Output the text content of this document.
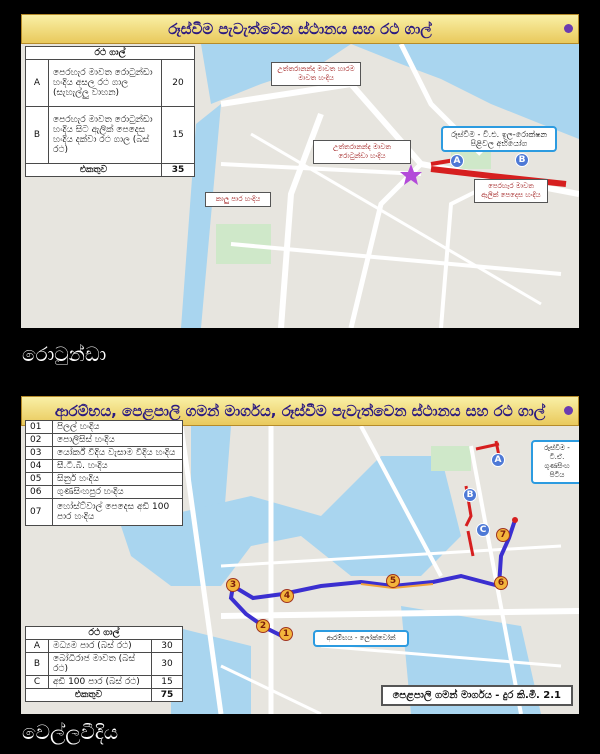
රූස්වීම පැවැත්වෙන ස්ථානය සහ රථ ගාල්
රථ ගාල්		
A	පෙරහැර මාවත රොටුන්ඩා හංදිය අසල රථ ගාල (සැහැල්ලු වාහන)	20
B	පෙරහැර මාවත රොටුන්ඩා හංදිය සිට ඇලික් පෙදෙස හංදිය දක්වා රථ ගාල (බස් රථ)	15
එකතුව		35
උත්තරානන්ද මාවත හාරම මාවත හංදිය
උත්තරානන්ද මාවත රොටුන්ඩා හංදිය
කාලු පාර හංදිය
පෙරහැර මාවත ඇලික් පෙදෙස හංදිය
රූස්වීම - වී.එ. ඉල-රොක්ෂන පිළිවල අභියෝග
A	B
රොටුන්ඩා
ආරම්භය, පෙළපාලි ගමන් මාර්ගය, රූස්වීම පැවැත්වෙන ස්ථානය සහ රථ ගාල්
01	පිලල් හංදිය
02	පොලිසිස් හංදිය
03	යෝර්ක් වීදිය වැසාම වීදිය හංදිය
04	සී.ටී.බී. හංදිය
05	සිනුර් හංදිය
06	ගුණසිංහපුර හංදිය
07	හෝස්ට්වාල් පෙදෙස අඩි 100 පාර හංදිය
රථ ගාල්		
A	මධ්‍යම පාර (බස් රථ)	30
B	බෝධිරාජ මාවත (බස් රථ)	30
C	අඩි 100 පාර (බස් රථ)	15
එකතුව		75
ආරම්භය - ලෝක්වෝන්
රූස්වීම - ටී.ඒ. ගුණසිංහ පිටිය
1
2
3
4
5	6
7
B
C
A
පෙළපාලි ගමන් මාර්ගය - දුර කි.මී. 2.1
වෙල්ලවීදිය
